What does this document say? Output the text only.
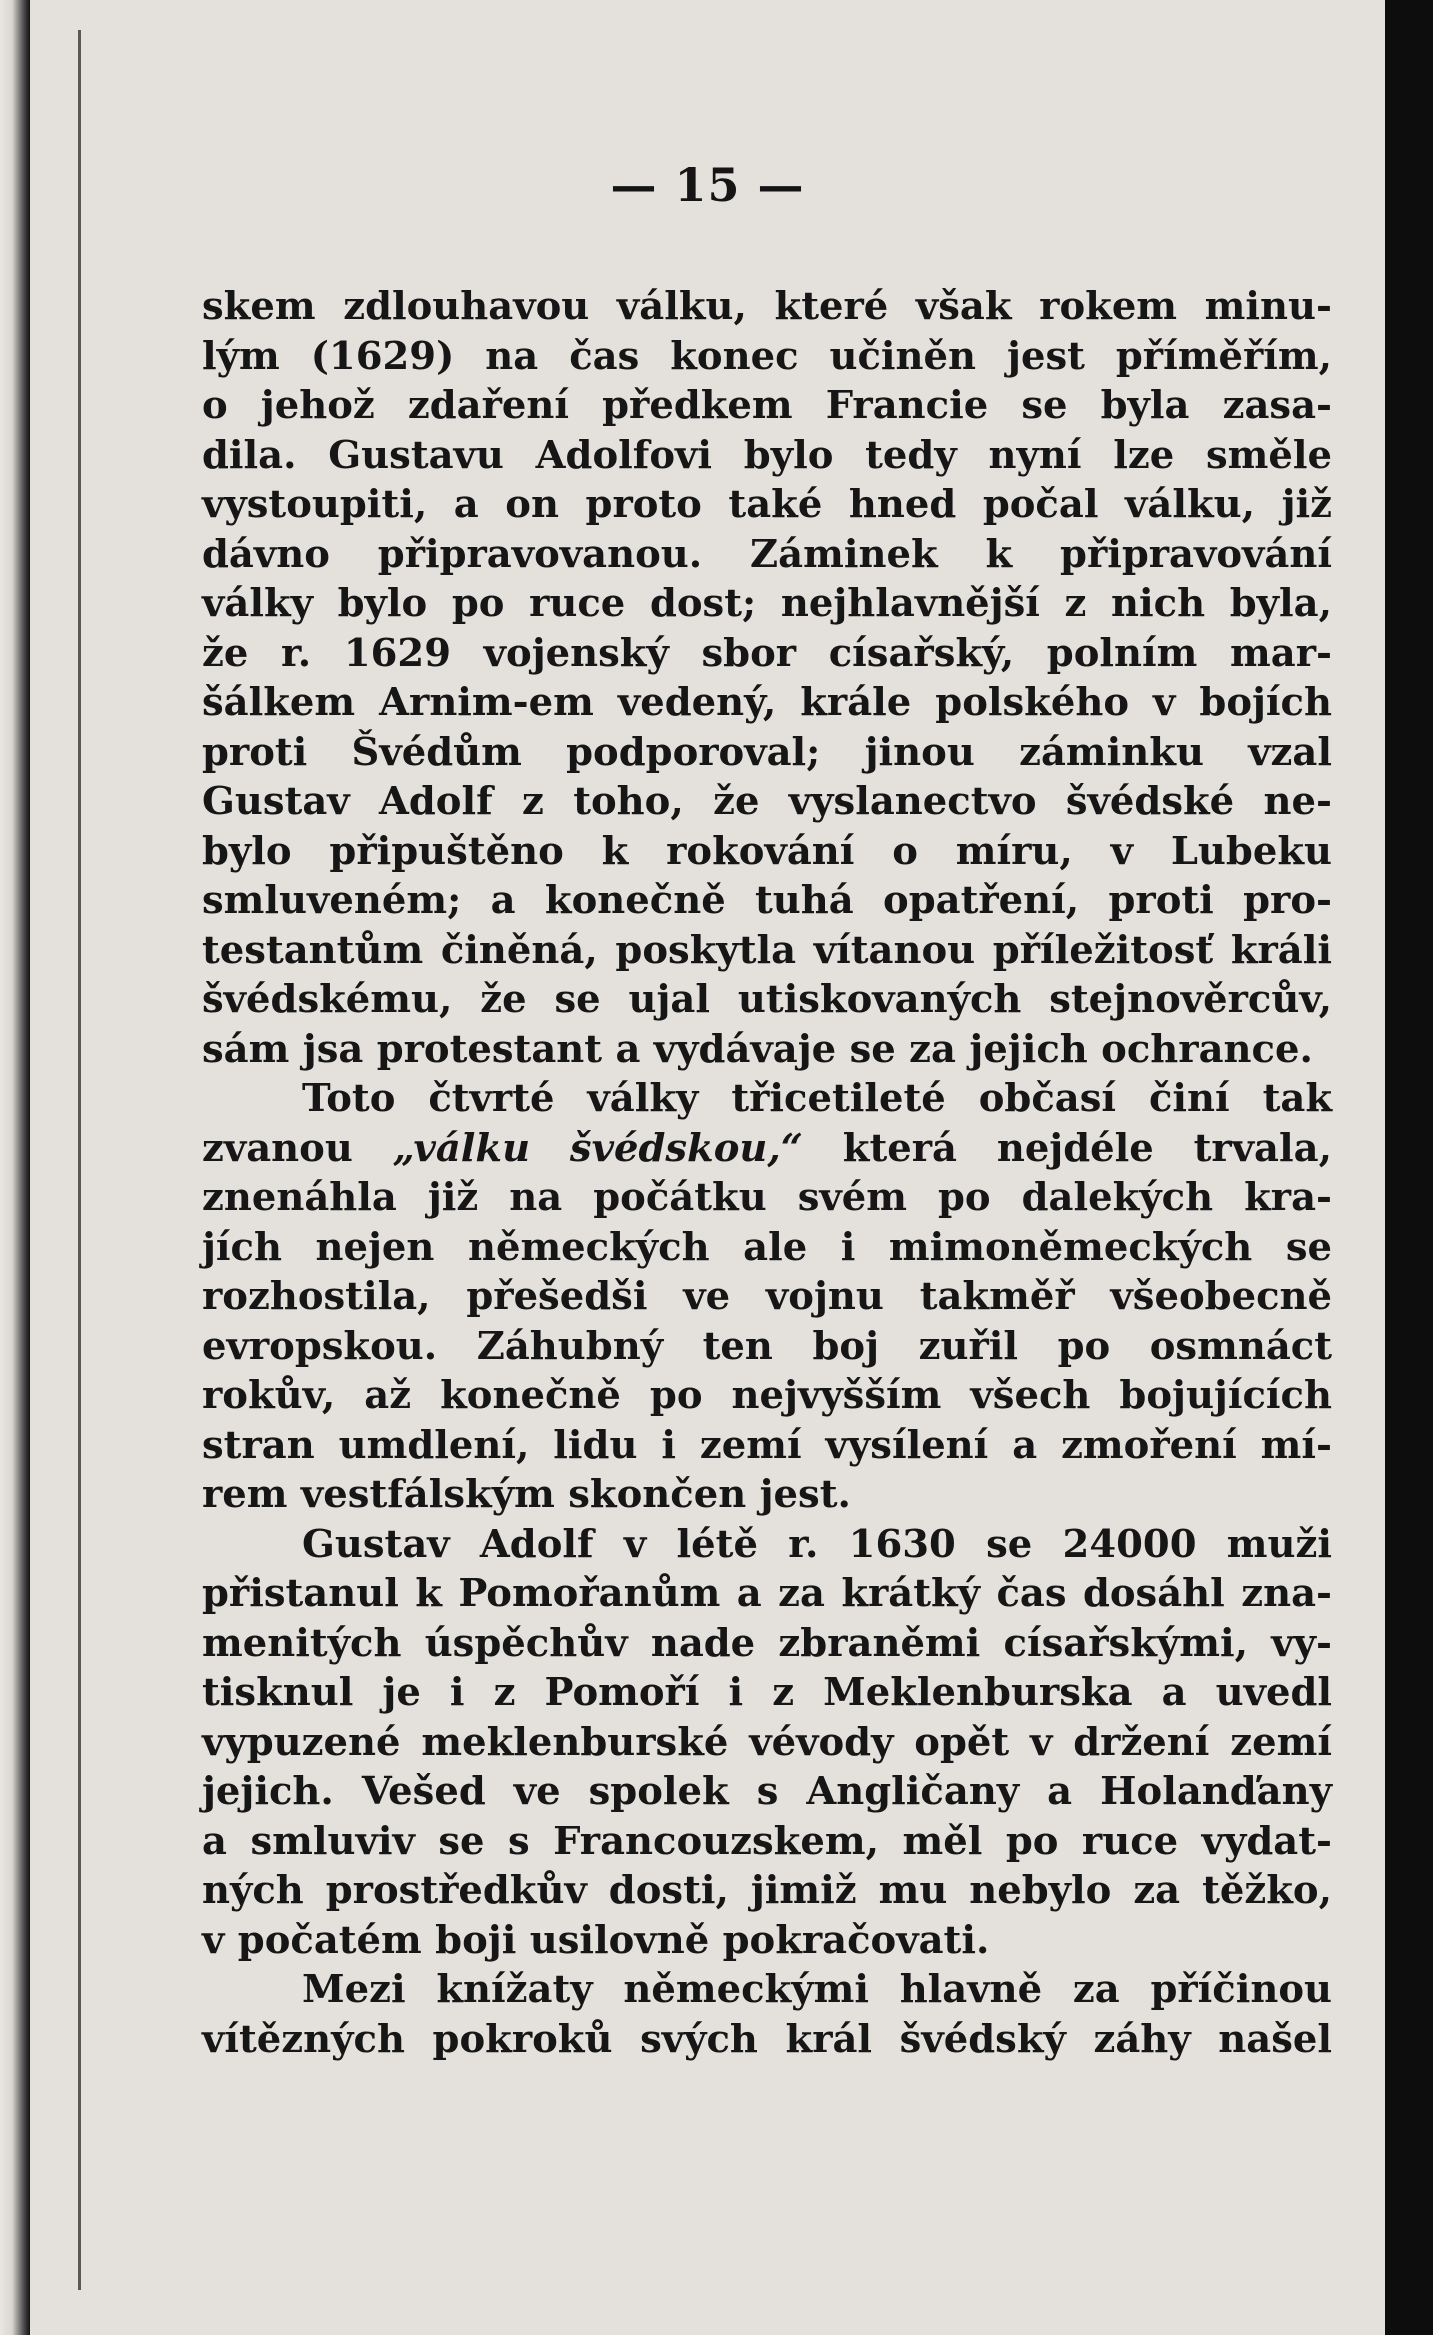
— 15 —
skem zdlouhavou válku, které však rokem minu-
lým (1629) na čas konec učiněn jest příměřím,
o jehož zdaření předkem Francie se byla zasa-
dila. Gustavu Adolfovi bylo tedy nyní lze směle
vystoupiti, a on proto také hned počal válku, již
dávno připravovanou. Záminek k připravování
války bylo po ruce dost; nejhlavnější z nich byla,
že r. 1629 vojenský sbor císařský, polním mar-
šálkem Arnim-em vedený, krále polského v bojích
proti Švédům podporoval; jinou záminku vzal
Gustav Adolf z toho, že vyslanectvo švédské ne-
bylo připuštěno k rokování o míru, v Lubeku
smluveném; a konečně tuhá opatření, proti pro-
testantům činěná, poskytla vítanou příležitosť králi
švédskému, že se ujal utiskovaných stejnověrcův,
sám jsa protestant a vydávaje se za jejich ochrance.
Toto čtvrté války třicetileté občasí činí tak
zvanou „válku švédskou,“ která nejdéle trvala,
znenáhla již na počátku svém po dalekých kra-
jích nejen německých ale i mimoněmeckých se
rozhostila, přešedši ve vojnu takměř všeobecně
evropskou. Záhubný ten boj zuřil po osmnáct
rokův, až konečně po nejvyšším všech bojujících
stran umdlení, lidu i zemí vysílení a zmoření mí-
rem vestfálským skončen jest.
Gustav Adolf v létě r. 1630 se 24000 muži
přistanul k Pomořanům a za krátký čas dosáhl zna-
menitých úspěchův nade zbraněmi císařskými, vy-
tisknul je i z Pomoří i z Meklenburska a uvedl
vypuzené meklenburské vévody opět v držení zemí
jejich. Vešed ve spolek s Angličany a Holanďany
a smluviv se s Francouzskem, měl po ruce vydat-
ných prostředkův dosti, jimiž mu nebylo za těžko,
v počatém boji usilovně pokračovati.
Mezi knížaty německými hlavně za příčinou
vítězných pokroků svých král švédský záhy našel
